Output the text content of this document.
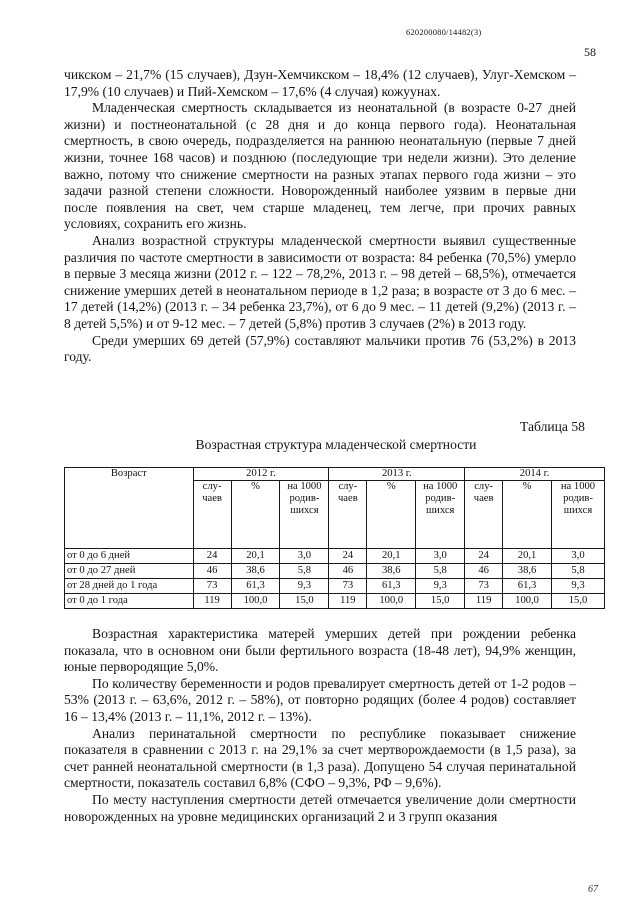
620200080/14482(3)
58

чикском – 21,7% (15 случаев), Дзун-Хемчикском – 18,4% (12 случаев), Улуг-Хемском – 17,9% (10 случаев) и Пий-Хемском – 17,6% (4 случая) кожуунах.

Младенческая смертность складывается из неонатальной (в возрасте 0-27 дней жизни) и постнеонатальной (с 28 дня и до конца первого года). Неонатальная смертность, в свою очередь, подразделяется на раннюю неонатальную (первые 7 дней жизни, точнее 168 часов) и позднюю (последующие три недели жизни). Это деление важно, потому что снижение смертности на разных этапах первого года жизни – это задачи разной степени сложности. Новорожденный наиболее уязвим в первые дни после появления на свет, чем старше младенец, тем легче, при прочих равных условиях, сохранить его жизнь.

Анализ возрастной структуры младенческой смертности выявил существенные различия по частоте смертности в зависимости от возраста: 84 ребенка (70,5%) умерло в первые 3 месяца жизни (2012 г. – 122 – 78,2%, 2013 г. – 98 детей – 68,5%), отмечается снижение умерших детей в неонатальном периоде в 1,2 раза; в возрасте от 3 до 6 мес. – 17 детей (14,2%) (2013 г. – 34 ребенка 23,7%), от 6 до 9 мес. – 11 детей (9,2%) (2013 г. – 8 детей 5,5%) и от 9-12 мес. – 7 детей (5,8%) против 3 случаев (2%) в 2013 году.

Среди умерших 69 детей (57,9%) составляют мальчики против 76 (53,2%) в 2013 году.

Таблица 58
Возрастная структура младенческой смертности
Возраст	2012 г.			2013 г.			2014 г.		
	слу-чаев	%	на 1000 родив-шихся	слу-чаев	%	на 1000 родив-шихся	слу-чаев	%	на 1000 родив-шихся
от 0 до 6 дней	24	20,1	3,0	24	20,1	3,0	24	20,1	3,0
от 0 до 27 дней	46	38,6	5,8	46	38,6	5,8	46	38,6	5,8
от 28 дней до 1 года	73	61,3	9,3	73	61,3	9,3	73	61,3	9,3
от 0 до 1 года	119	100,0	15,0	119	100,0	15,0	119	100,0	15,0

Возрастная характеристика матерей умерших детей при рождении ребенка показала, что в основном они были фертильного возраста (18-48 лет), 94,9% женщин, юные первородящие 5,0%.

По количеству беременности и родов превалирует смертность детей от 1-2 родов – 53% (2013 г. – 63,6%, 2012 г. – 58%), от повторно родящих (более 4 родов) составляет 16 – 13,4% (2013 г. – 11,1%, 2012 г. – 13%).

Анализ перинатальной смертности по республике показывает снижение показателя в сравнении с 2013 г. на 29,1% за счет мертворождаемости (в 1,5 раза), за счет ранней неонатальной смертности (в 1,3 раза). Допущено 54 случая перинатальной смертности, показатель составил 6,8% (СФО – 9,3%, РФ – 9,6%).

По месту наступления смертности детей отмечается увеличение доли смертности новорожденных на уровне медицинских организаций 2 и 3 групп оказания

67
